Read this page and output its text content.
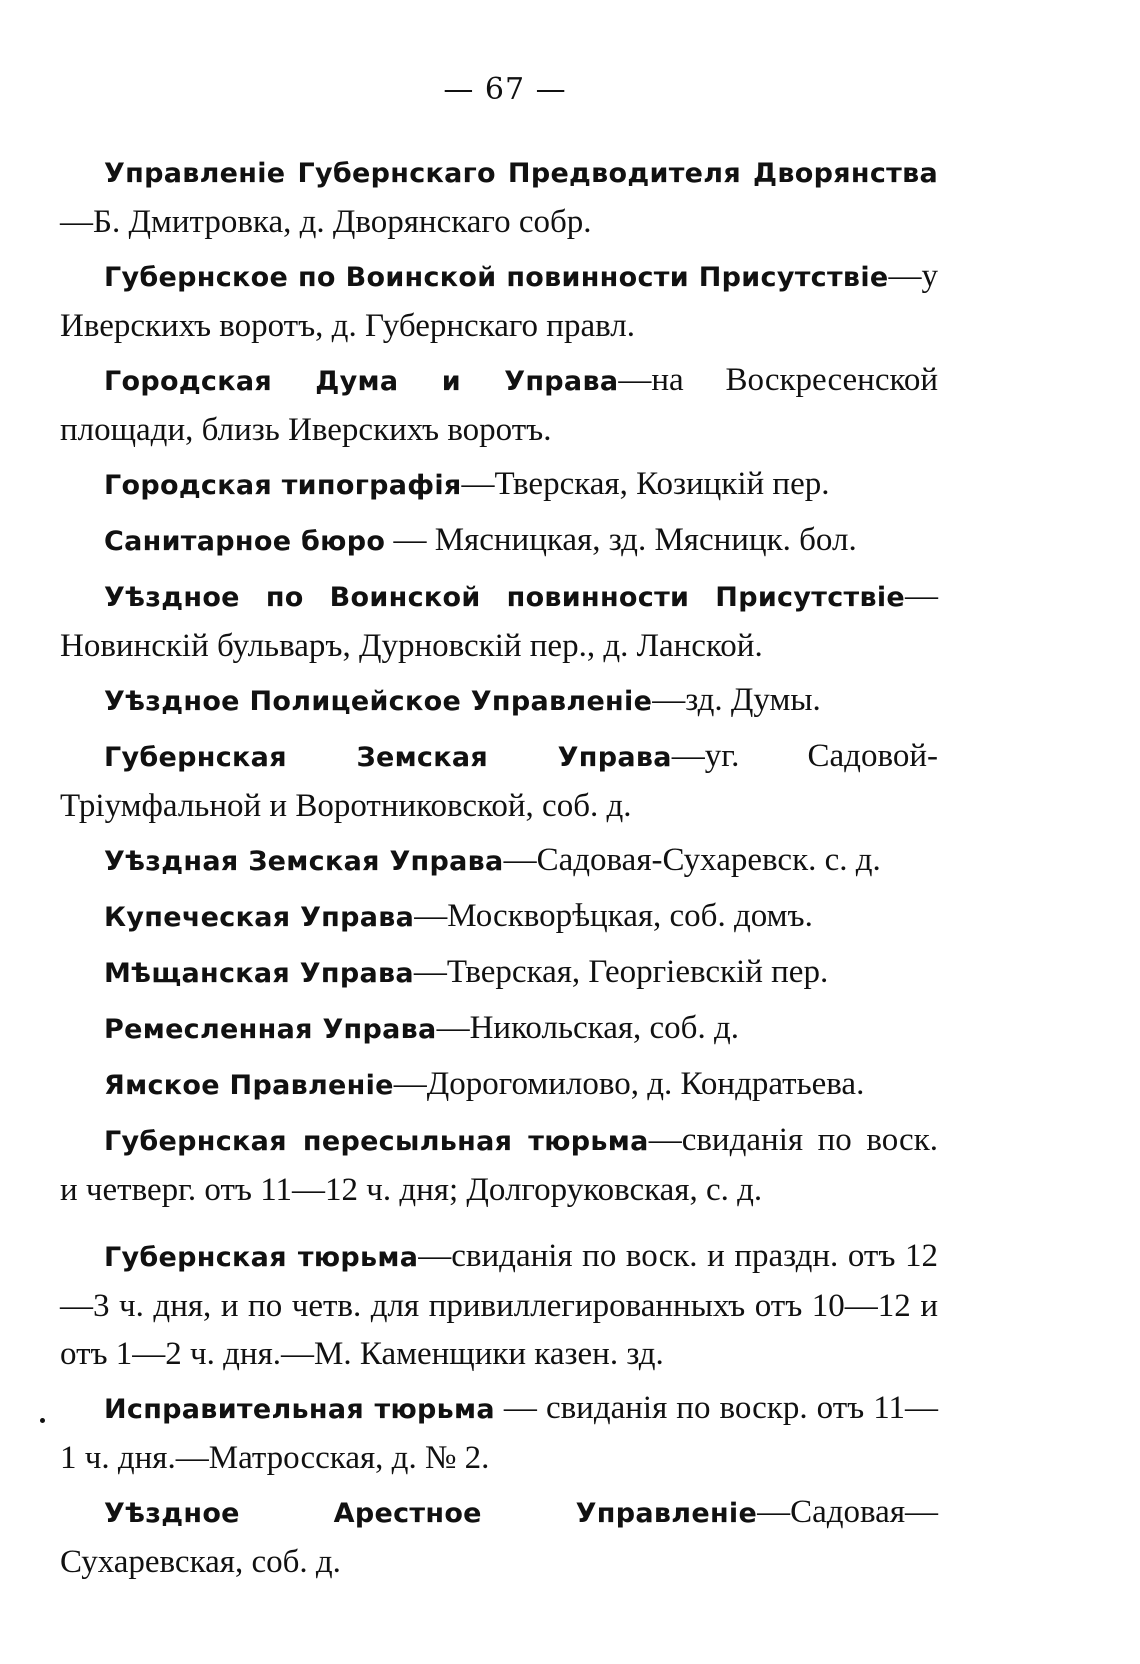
— 67 —

Управленіе Губернскаго Предводителя Дворянства—Б. Дмитровка, д. Дворянскаго собр.

Губернское по Воинской повинности Присутствіе—у Иверскихъ воротъ, д. Губернскаго правл.

Городская Дума и Управа—на Воскресенской площади, близь Иверскихъ воротъ.

Городская типографія—Тверская, Козицкій пер.

Санитарное бюро — Мясницкая, зд. Мясницк. бол.

Уѣздное по Воинской повинности Присутствіе—Новинскій бульваръ, Дурновскій пер., д. Ланской.

Уѣздное Полицейское Управленіе—зд. Думы.

Губернская Земская Управа—уг. Садовой-Тріумфальной и Воротниковской, соб. д.

Уѣздная Земская Управа—Садовая-Сухаревск. с. д.

Купеческая Управа—Москворѣцкая, соб. домъ.

Мѣщанская Управа—Тверская, Георгіевскій пер.

Ремесленная Управа—Никольская, соб. д.

Ямское Правленіе—Дорогомилово, д. Кондратьева.

Губернская пересыльная тюрьма—свиданія по воск. и четверг. отъ 11—12 ч. дня; Долгоруковская, с. д.

Губернская тюрьма—свиданія по воск. и праздн. отъ 12—3 ч. дня, и по четв. для привиллегированныхъ отъ 10—12 и отъ 1—2 ч. дня.—М. Каменщики казен. зд.

Исправительная тюрьма — свиданія по воскр. отъ 11—1 ч. дня.—Матросская, д. № 2.

Уѣздное Арестное Управленіе—Садовая— Сухаревская, соб. д.
